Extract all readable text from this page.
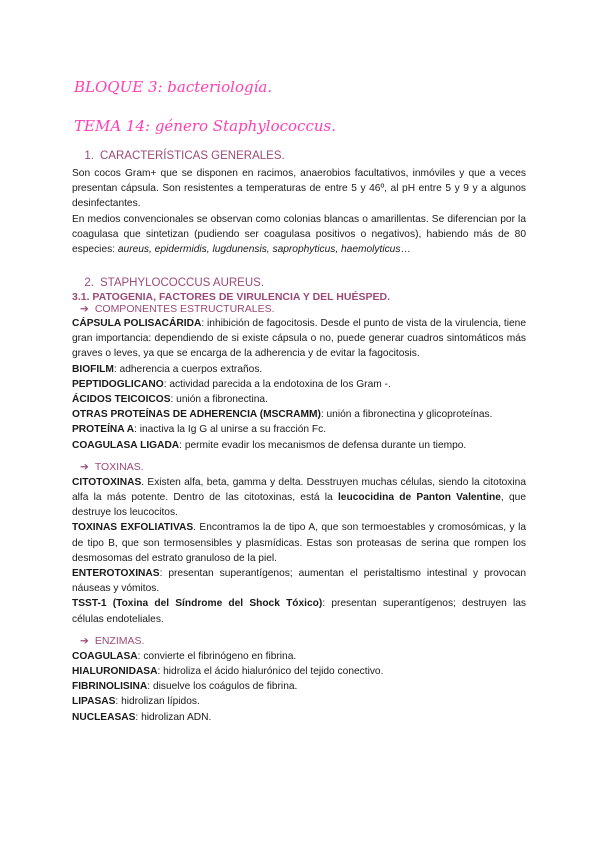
BLOQUE 3: bacteriología.
TEMA 14: género Staphylococcus.
1. CARACTERÍSTICAS GENERALES.

Son cocos Gram+ que se disponen en racimos, anaerobios facultativos, inmóviles y que a veces presentan cápsula. Son resistentes a temperaturas de entre 5 y 46º, al pH entre 5 y 9 y a algunos desinfectantes.

En medios convencionales se observan como colonias blancas o amarillentas. Se diferencian por la coagulasa que sintetizan (pudiendo ser coagulasa positivos o negativos), habiendo más de 80 especies: aureus, epidermidis, lugdunensis, saprophyticus, haemolyticus…

2. STAPHYLOCOCCUS AUREUS.
3.1. PATOGENIA, FACTORES DE VIRULENCIA Y DEL HUÉSPED.
➔ COMPONENTES ESTRUCTURALES.

CÁPSULA POLISACÁRIDA: inhibición de fagocitosis. Desde el punto de vista de la virulencia, tiene gran importancia: dependiendo de si existe cápsula o no, puede generar cuadros sintomáticos más graves o leves, ya que se encarga de la adherencia y de evitar la fagocitosis.

BIOFILM: adherencia a cuerpos extraños.

PEPTIDOGLICANO: actividad parecida a la endotoxina de los Gram -.

ÁCIDOS TEICOICOS: unión a fibronectina.

OTRAS PROTEÍNAS DE ADHERENCIA (MSCRAMM): unión a fibronectina y glicoproteínas.

PROTEÍNA A: inactiva la Ig G al unirse a su fracción Fc.

COAGULASA LIGADA: permite evadir los mecanismos de defensa durante un tiempo.

➔ TOXINAS.

CITOTOXINAS. Existen alfa, beta, gamma y delta. Desstruyen muchas células, siendo la citotoxina alfa la más potente. Dentro de las citotoxinas, está la leucocidina de Panton Valentine, que destruye los leucocitos.

TOXINAS EXFOLIATIVAS. Encontramos la de tipo A, que son termoestables y cromosómicas, y la de tipo B, que son termosensibles y plasmídicas. Estas son proteasas de serina que rompen los desmosomas del estrato granuloso de la piel.

ENTEROTOXINAS: presentan superantígenos; aumentan el peristaltismo intestinal y provocan náuseas y vómitos.

TSST-1 (Toxina del Síndrome del Shock Tóxico): presentan superantígenos; destruyen las células endoteliales.

➔ ENZIMAS.

COAGULASA: convierte el fibrinógeno en fibrina.

HIALURONIDASA: hidroliza el ácido hialurónico del tejido conectivo.

FIBRINOLISINA: disuelve los coágulos de fibrina.

LIPASAS: hidrolizan lípidos.

NUCLEASAS: hidrolizan ADN.
